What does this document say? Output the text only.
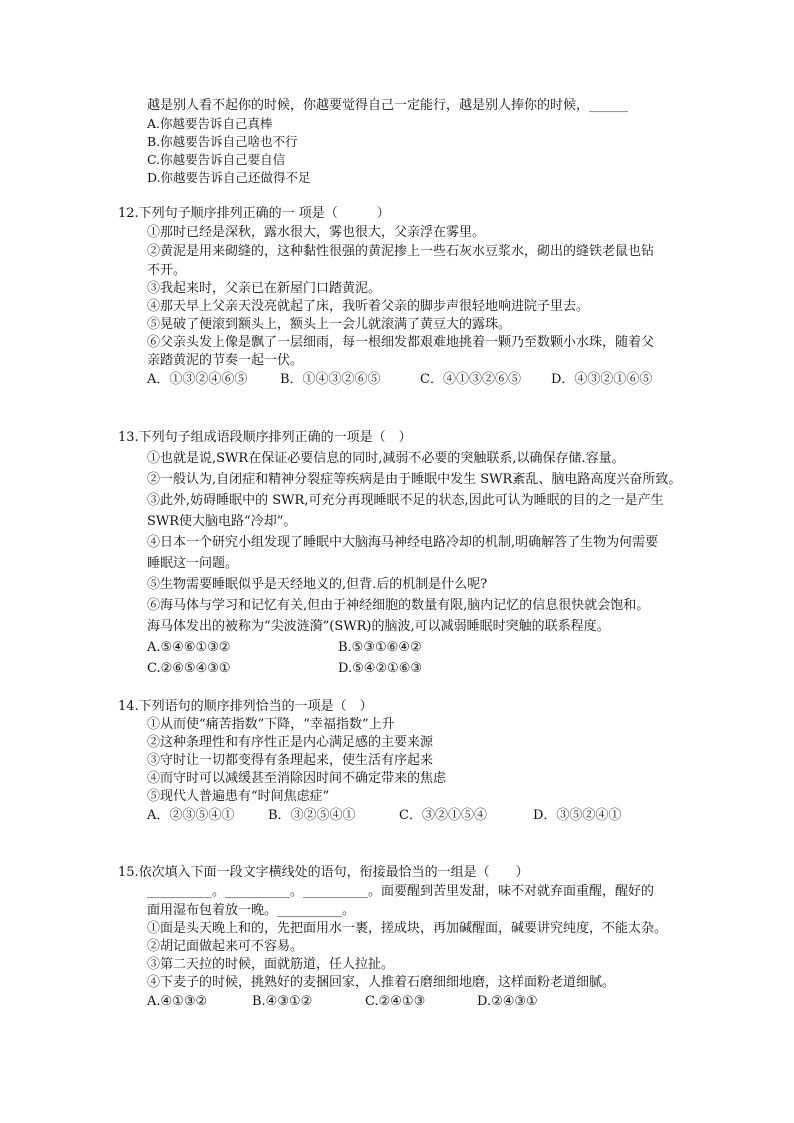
越是别人看不起你的时候，你越要觉得自己一定能行，越是别人捧你的时候，______
A.你越要告诉自己真棒
B.你越要告诉自己啥也不行
C.你越要告诉自己要自信
D.你越要告诉自己还做得不足
12.下列句子顺序排列正确的一 项是（　　　）
①那时已经是深秋，露水很大，雾也很大，父亲浮在雾里。
②黄泥是用来砌缝的，这种黏性很强的黄泥掺上一些石灰水豆浆水，砌出的缝铁老鼠也钻
不开。
③我起来时，父亲已在新屋门口踏黄泥。
④那天早上父亲天没亮就起了床，我听着父亲的脚步声很轻地响进院子里去。
⑤晃破了便滚到额头上，额头上一会儿就滚满了黄豆大的露珠。
⑥父亲头发上像是飘了一层细雨，每一根细发都艰难地挑着一颗乃至数颗小水珠，随着父
亲踏黄泥的节奏一起一伏。
A．①③②④⑥⑤	B．①④③②⑥⑤	C．④①③②⑥⑤ D．④③②①⑥⑤
13.下列句子组成语段顺序排列正确的一项是（　）
①也就是说,SWR在保证必要信息的同时,减弱不必要的突触联系,以确保存储.容量。
②一般认为,自闭症和精神分裂症等疾病是由于睡眠中发生 SWR紊乱、脑电路高度兴奋所致。
③此外,妨碍睡眠中的 SWR,可充分再现睡眠不足的状态,因此可认为睡眠的目的之一是产生
SWR使大脑电路“冷却”。
④日本一个研究小组发现了睡眠中大脑海马神经电路冷却的机制,明确解答了生物为何需要
睡眠这一问题。
⑤生物需要睡眠似乎是天经地义的,但背.后的机制是什么呢?
⑥海马体与学习和记忆有关,但由于神经细胞的数量有限,脑内记忆的信息很快就会饱和。
海马体发出的被称为“尖波涟漪”(SWR)的脑波,可以减弱睡眠时突触的联系程度。
A.⑤④⑥①③②	B.⑤③①⑥④②
C.②⑥⑤④③①	D.⑤④②①⑥③
14.下列语句的顺序排列恰当的一项是（　）
①从而使“痛苦指数”下降，“幸福指数”上升
②这种条理性和有序性正是内心满足感的主要来源
③守时让一切都变得有条理起来，使生活有序起来
④而守时可以减缓甚至消除因时间不确定带来的焦虑
⑤现代人普遍患有“时间焦虑症”
A．②③⑤④①	B．③②⑤④①	C．③②①⑤④	D．③⑤②④①
15.依次填入下面一段文字横线处的语句，衔接最恰当的一组是（　　）
__________。__________。__________。面要醒到苦里发甜，味不对就弃面重醒，醒好的
面用湿布包着放一晚。__________。
①面是头天晚上和的，先把面用水一裹，搓成块，再加碱醒面，碱要讲究纯度，不能太杂。
②胡记面做起来可不容易。
③第二天拉的时候，面就筋道，任人拉扯。
④下麦子的时候，挑熟好的麦捆回家，人推着石磨细细地磨，这样面粉老道细腻。
A.④①③②	B.④③①②	C.②④①③	D.②④③①
